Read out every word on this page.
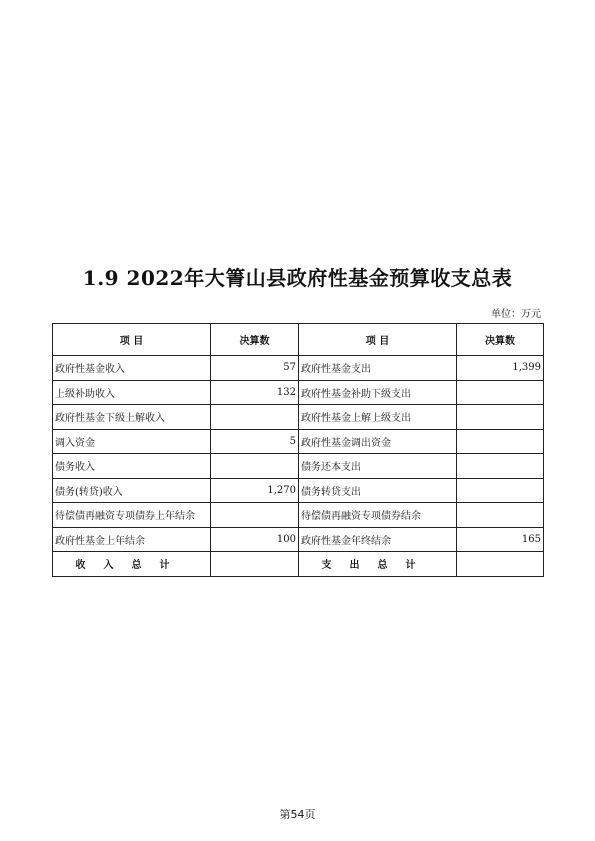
1.9 2022年大箐山县政府性基金预算收支总表
单位：万元
项 目	决算数	项 目	决算数
政府性基金收入	57	政府性基金支出	1,399
上级补助收入	132	政府性基金补助下级支出	
政府性基金下级上解收入		政府性基金上解上级支出	
调入资金	5	政府性基金调出资金	
债务收入		债务还本支出	
债务(转贷)收入	1,270	债务转贷支出	
待偿债再融资专项债券上年结余		待偿债再融资专项债券结余	
政府性基金上年结余	100	政府性基金年终结余	165
收入总计		支出总计	
第54页
